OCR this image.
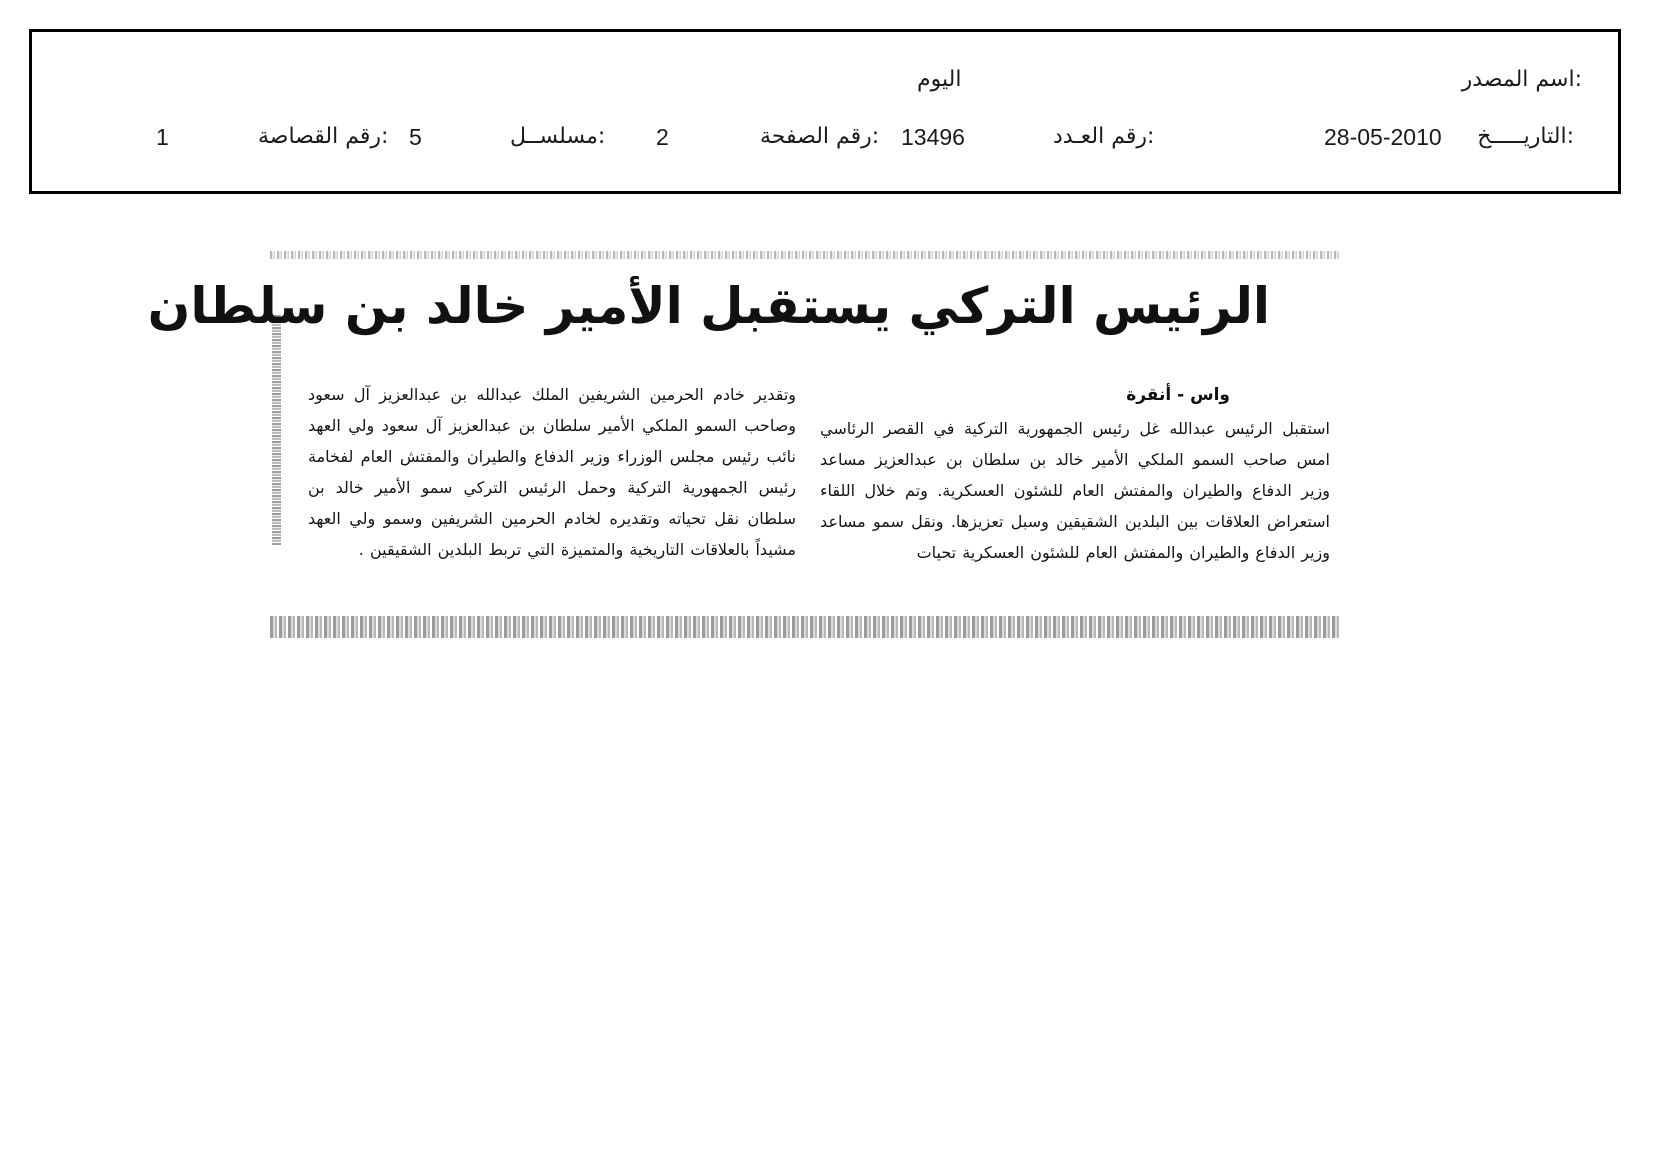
اسم المصدر:
اليوم
التاريـــــخ:
28-05-2010
رقم العـدد:
13496
رقم الصفحة:
2
مسلســل:
5
رقم القصاصة:
1
الرئيس التركي يستقبل الأمير خالد بن سلطان
واس - أنقرة
استقبل الرئيس عبدالله غل رئيس الجمهورية التركية في القصر الرئاسي امس صاحب السمو الملكي الأمير خالد بن سلطان بن عبدالعزيز مساعد وزير الدفاع والطيران والمفتش العام للشئون العسكرية. وتم خلال اللقاء استعراض العلاقات بين البلدين الشقيقين وسبل تعزيزها. ونقل سمو مساعد وزير الدفاع والطيران والمفتش العام للشئون العسكرية تحيات
وتقدير خادم الحرمين الشريفين الملك عبدالله بن عبدالعزيز آل سعود وصاحب السمو الملكي الأمير سلطان بن عبدالعزيز آل سعود ولي العهد نائب رئيس مجلس الوزراء وزير الدفاع والطيران والمفتش العام لفخامة رئيس الجمهورية التركية وحمل الرئيس التركي سمو الأمير خالد بن سلطان نقل تحياته وتقديره لخادم الحرمين الشريفين وسمو ولي العهد مشيداً بالعلاقات التاريخية والمتميزة التي تربط البلدين الشقيقين .
